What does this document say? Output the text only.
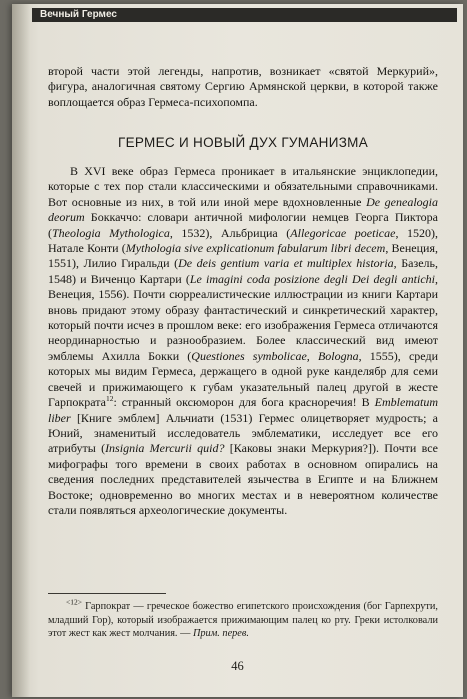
Вечный Гермес

второй части этой легенды, напротив, возникает «святой Меркурий», фигура, аналогичная святому Сергию Армянской церкви, в которой также воплощается образ Гермеса-психопомпа.

ГЕРМЕС И НОВЫЙ ДУХ ГУМАНИЗМА

В XVI веке образ Гермеса проникает в итальянские энциклопедии, которые с тех пор стали классическими и обязательными справочниками. Вот основные из них, в той или иной мере вдохновленные De genealogia deorum Боккаччо: словари античной мифологии немцев Георга Пиктора (Theologia Mythologica, 1532), Альбрициа (Allegoricae poeticae, 1520), Натале Конти (Mythologia sive explicationum fabularum libri decem, Венеция, 1551), Лилио Гиральди (De deis gentium varia et multiplex historia, Базель, 1548) и Виченцо Картари (Le imagini coda posizione degli Dei degli antichi, Венеция, 1556). Почти сюрреалистические иллюстрации из книги Картари вновь придают этому образу фантастический и синкретический характер, который почти исчез в прошлом веке: его изображения Гермеса отличаются неординарностью и разнообразием. Более классический вид имеют эмблемы Ахилла Бокки (Questiones symbolicae, Bologna, 1555), среди которых мы видим Гермеса, держащего в одной руке канделябр для семи свечей и прижимающего к губам указательный палец другой в жесте Гарпократа$^{12}$: странный оксюморон для бога красноречия! В Emblematum liber [Книге эмблем] Альчиати (1531) Гермес олицетворяет мудрость; а Юний, знаменитый исследователь эмблематики, исследует все его атрибуты (Insignia Mercurii quid? [Каковы знаки Меркурия?]). Почти все мифографы того времени в своих работах в основном опирались на сведения последних представителей язычества в Египте и на Ближнем Востоке; одновременно во многих местах и в невероятном количестве стали появляться археологические документы.

$^{<12>}$ Гарпократ — греческое божество египетского происхождения (бог Гарпехрути, младший Гор), который изображается прижимающим палец ко рту. Греки истолковали этот жест как жест молчания. — Прим. перев.

46
